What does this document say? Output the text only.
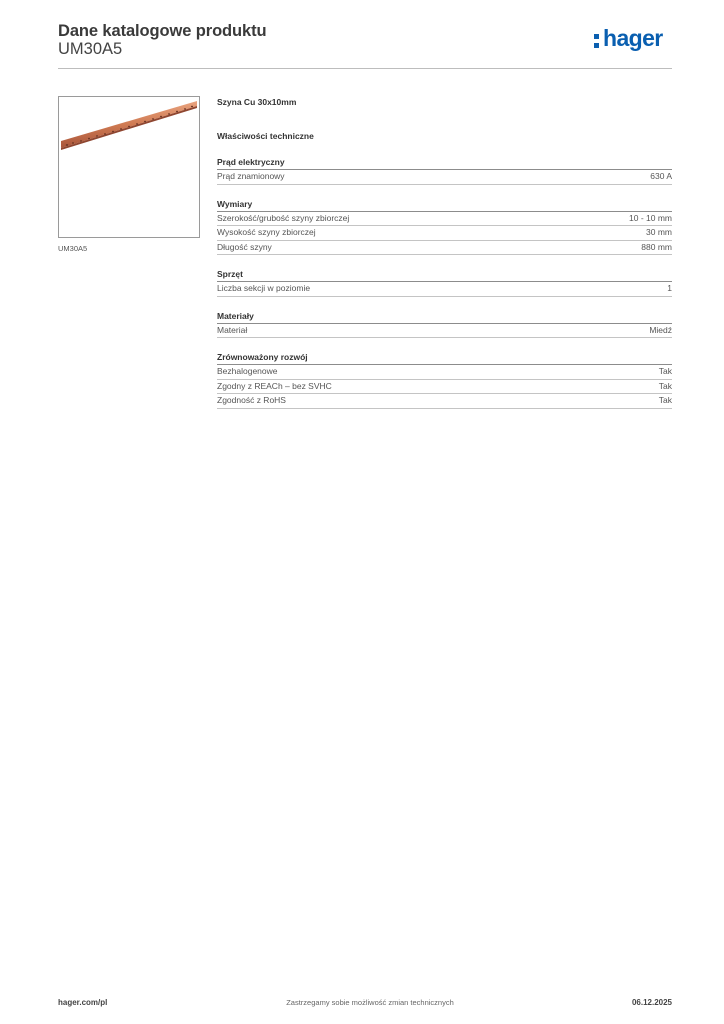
Dane katalogowe produktu
UM30A5	hager
UM30A5
Szyna Cu 30x10mm
Właściwości techniczne
Prąd elektryczny
Prąd znamionowy	630 A
Wymiary
Szerokość/grubość szyny zbiorczej	10 - 10 mm
Wysokość szyny zbiorczej	30 mm
Długość szyny	880 mm
Sprzęt
Liczba sekcji w poziomie	1
Materiały
Materiał	Miedź
Zrównoważony rozwój
Bezhalogenowe	Tak
Zgodny z REACh – bez SVHC	Tak
Zgodność z RoHS	Tak
hager.com/pl	Zastrzegamy sobie możliwość zmian technicznych	06.12.2025
